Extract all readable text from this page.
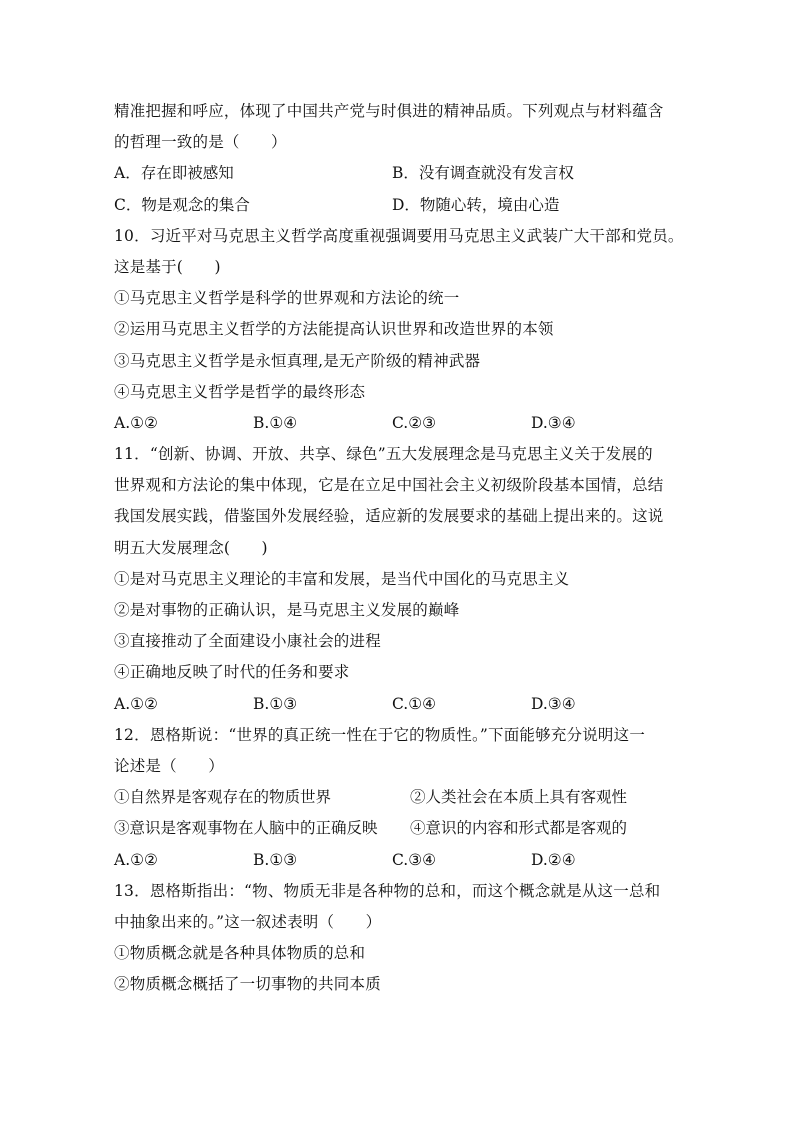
精准把握和呼应，体现了中国共产党与时俱进的精神品质。下列观点与材料蕴含
的哲理一致的是（　　）
A．存在即被感知	B．没有调查就没有发言权
C．物是观念的集合	D．物随心转，境由心造
10．习近平对马克思主义哲学高度重视强调要用马克思主义武装广大干部和党员。
这是基于(　　)
①马克思主义哲学是科学的世界观和方法论的统一
②运用马克思主义哲学的方法能提高认识世界和改造世界的本领
③马克思主义哲学是永恒真理,是无产阶级的精神武器
④马克思主义哲学是哲学的最终形态
A.①②	B.①④	C.②③	D.③④
11．“创新、协调、开放、共享、绿色”五大发展理念是马克思主义关于发展的
世界观和方法论的集中体现，它是在立足中国社会主义初级阶段基本国情，总结
我国发展实践，借鉴国外发展经验，适应新的发展要求的基础上提出来的。这说
明五大发展理念(　　)
①是对马克思主义理论的丰富和发展，是当代中国化的马克思主义
②是对事物的正确认识，是马克思主义发展的巅峰
③直接推动了全面建设小康社会的进程
④正确地反映了时代的任务和要求
A.①②	B.①③	C.①④	D.③④
12．恩格斯说：“世界的真正统一性在于它的物质性。”下面能够充分说明这一
论述是（　　）
①自然界是客观存在的物质世界	②人类社会在本质上具有客观性
③意识是客观事物在人脑中的正确反映	④意识的内容和形式都是客观的
A.①②	B.①③	C.③④	D.②④
13．恩格斯指出：“物、物质无非是各种物的总和，而这个概念就是从这一总和
中抽象出来的。”这一叙述表明（　　）
①物质概念就是各种具体物质的总和
②物质概念概括了一切事物的共同本质
